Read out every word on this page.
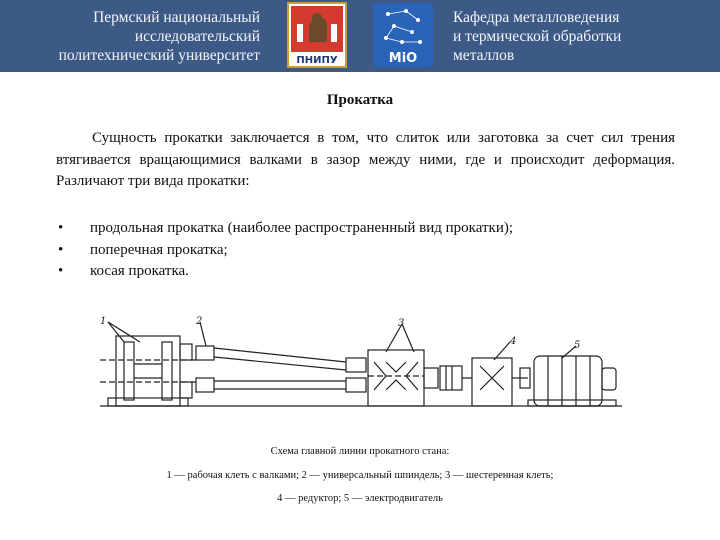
Пермский национальный
исследовательский
политехнический университет	ПНИПУ	МiО
Кафедра металловедения
и термической обработки
металлов
Прокатка

Сущность прокатки заключается в том, что слиток или заготовка за счет сил трения втягивается вращающимися валками в зазор между ними, где и происходит деформация. Различают три вида прокатки:

• продольная прокатка (наиболее распространенный вид прокатки);
• поперечная прокатка;
• косая прокатка.
1	2	3
4	5
Схема главной линии прокатного стана:
1 — рабочая клеть с валками; 2 — универсальный шпиндель; 3 — шестеренная клеть;
4 — редуктор; 5 — электродвигатель
